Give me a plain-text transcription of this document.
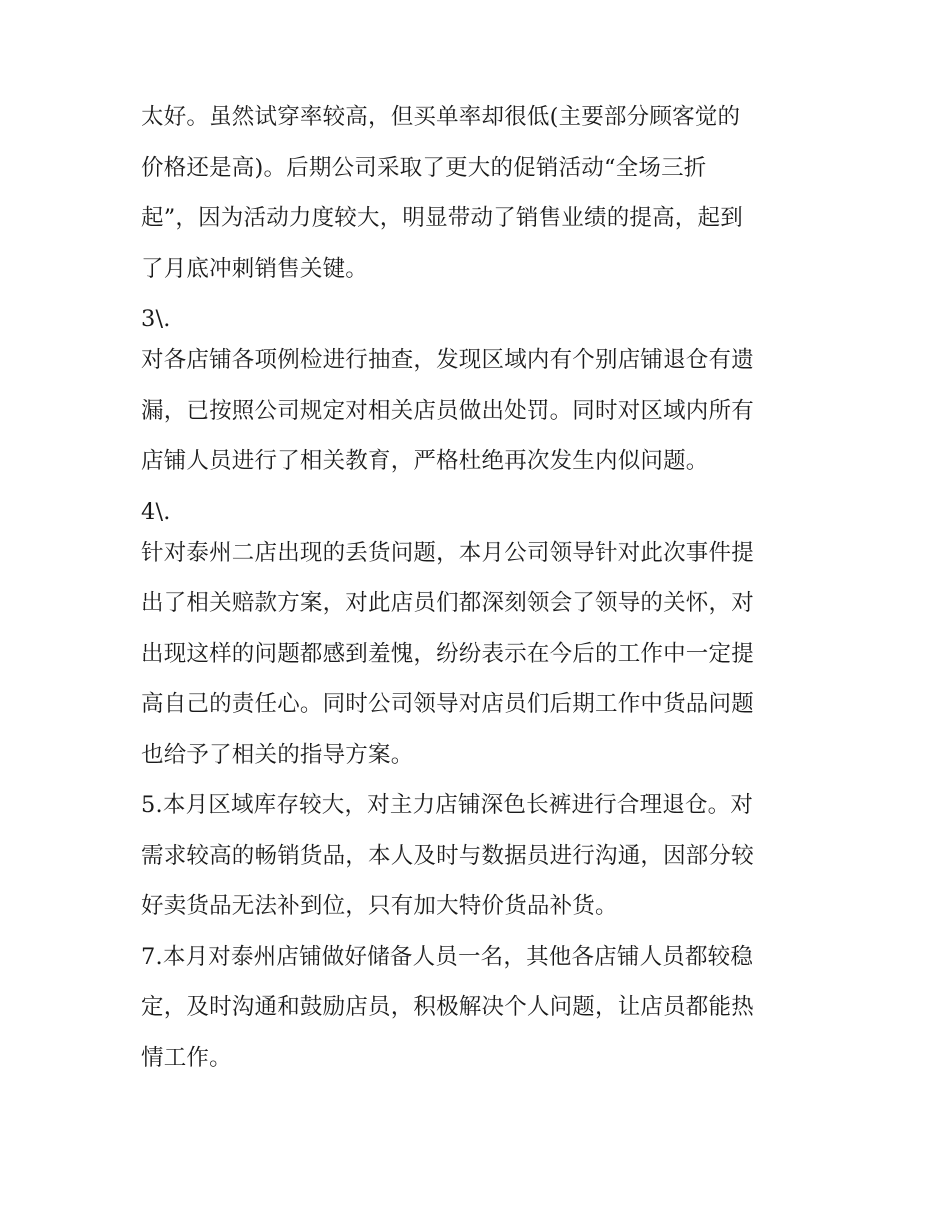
太好。虽然试穿率较高，但买单率却很低(主要部分顾客觉的
价格还是高)。后期公司采取了更大的促销活动“全场三折
起”，因为活动力度较大，明显带动了销售业绩的提高，起到
了月底冲刺销售关键。
3\.
对各店铺各项例检进行抽查，发现区域内有个别店铺退仓有遗
漏，已按照公司规定对相关店员做出处罚。同时对区域内所有
店铺人员进行了相关教育，严格杜绝再次发生内似问题。
4\.
针对泰州二店出现的丢货问题，本月公司领导针对此次事件提
出了相关赔款方案，对此店员们都深刻领会了领导的关怀，对
出现这样的问题都感到羞愧，纷纷表示在今后的工作中一定提
高自己的责任心。同时公司领导对店员们后期工作中货品问题
也给予了相关的指导方案。
5.本月区域库存较大，对主力店铺深色长裤进行合理退仓。对
需求较高的畅销货品，本人及时与数据员进行沟通，因部分较
好卖货品无法补到位，只有加大特价货品补货。
7.本月对泰州店铺做好储备人员一名，其他各店铺人员都较稳
定，及时沟通和鼓励店员，积极解决个人问题，让店员都能热
情工作。
